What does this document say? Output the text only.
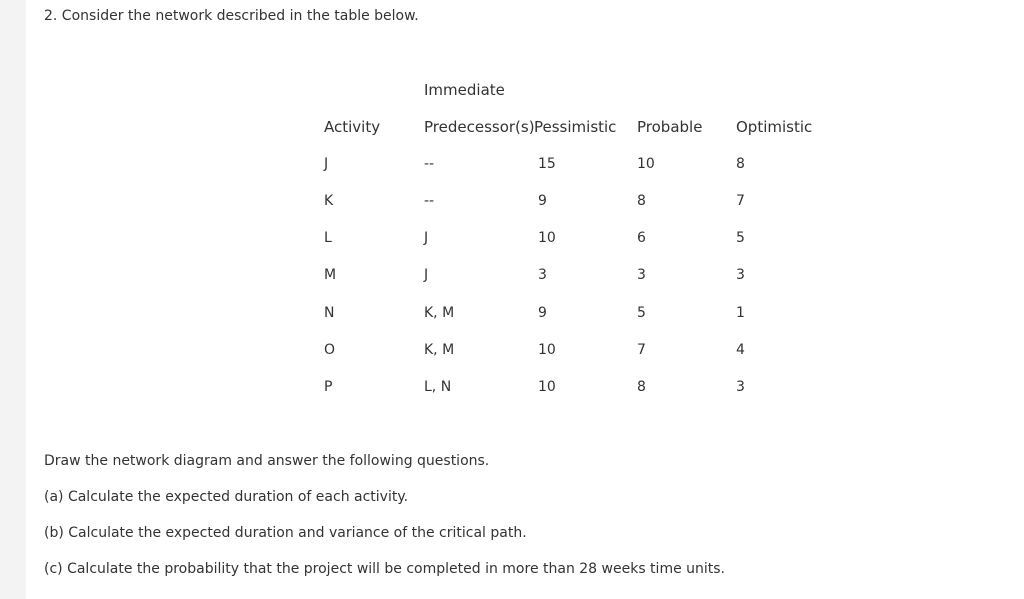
2. Consider the network described in the table below.
Immediate
Activity	Predecessor(s) Pessimistic Probable Optimistic
J	--	15	10	8
K	--	9	8	7
L	J	10	6	5
M	J	3	3	3
N	K, M	9	5	1
O	K, M	10	7	4
P	L, N	10	8	3
Draw the network diagram and answer the following questions.
(a) Calculate the expected duration of each activity.
(b) Calculate the expected duration and variance of the critical path.
(c) Calculate the probability that the project will be completed in more than 28 weeks time units.
